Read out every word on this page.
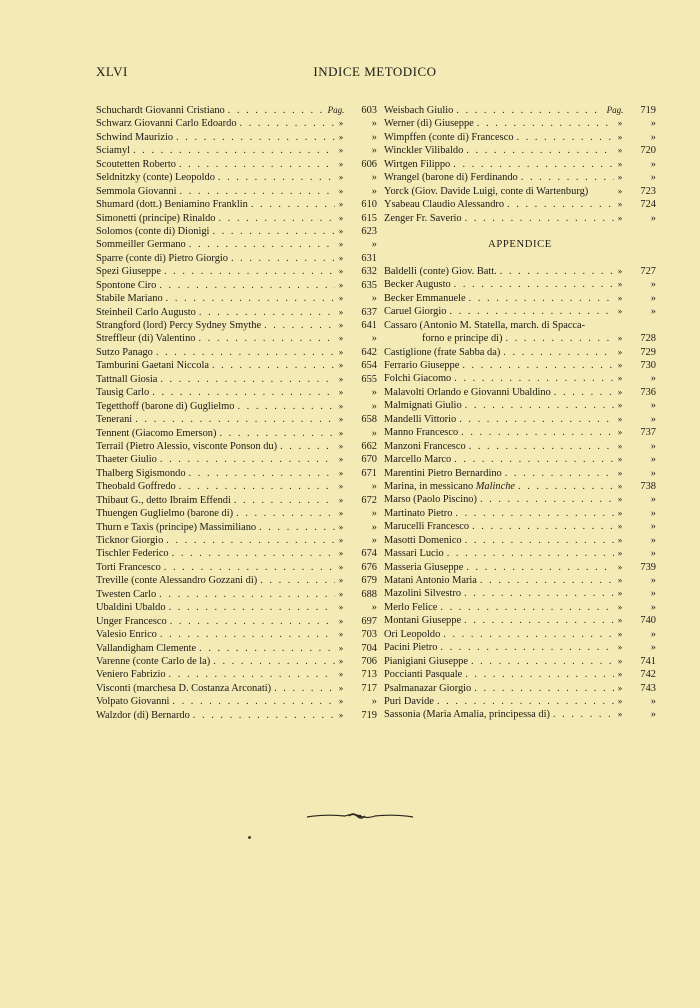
XLVI	INDICE METODICO
Schuchardt Giovanni Cristiano . . .	Pag.	603
Schwarz Giovanni Carlo Edoardo . . .	»	»
Schwind Maurizio . . .	»	»
Sciamyl . . .	»	»
Scoutetten Roberto . . .	»	606
Seldnitzky (conte) Leopoldo . . .	»	»
Semmola Giovanni . . .	»	»
Shumard (dott.) Beniamino Franklin . . .	»	610
Simonetti (principe) Rinaldo . . .	»	615
Solomos (conte di) Dionigi . . .	»	623
Sommeiller Germano . . .	»	»
Sparre (conte di) Pietro Giorgio . . .	»	631
Spezi Giuseppe . . .	»	632
Spontone Ciro . . .	»	635
Stabile Mariano . . .	»	»
Steinheil Carlo Augusto . . .	»	637
Strangford (lord) Percy Sydney Smythe . . .	»	641
Streffleur (di) Valentino . . .	»	»
Sutzo Panago . . .	»	642
Tamburini Gaetani Niccola . . .	»	654
Tattnall Giosia . . .	»	655
Tausig Carlo . . .	»	»
Tegetthoff (barone di) Guglielmo . . .	»	»
Tenerani . . .	»	658
Tennent (Giacomo Emerson) . . .	»	»
Terrail (Pietro Alessio, visconte Ponson du) . . .	»	662
Thaeter Giulio . . .	»	670
Thalberg Sigismondo . . .	»	671
Theobald Goffredo . . .	»	»
Thibaut G., detto Ibraim Effendi . . .	»	672
Thuengen Guglielmo (barone di) . . .	»	»
Thurn e Taxis (principe) Massimiliano . . .	»	»
Ticknor Giorgio . . .	»	»
Tischler Federico . . .	»	674
Torti Francesco . . .	»	676
Treville (conte Alessandro Gozzani di) . . .	»	679
Twesten Carlo . . .	»	688
Ubaldini Ubaldo . . .	»	»
Unger Francesco . . .	»	697
Valesio Enrico . . .	»	703
Vallandigham Clemente . . .	»	704
Varenne (conte Carlo de la) . . .	»	706
Veniero Fabrizio . . .	»	713
Visconti (marchesa D. Costanza Arconati) . . .	»	717
Volpato Giovanni . . .	»	»
Walzdor (di) Bernardo . . .	»	719
Weisbach Giulio . . .	Pag.	719
Werner (di) Giuseppe . . .	»	»
Wimpffen (conte di) Francesco . . .	»	»
Winckler Vilibaldo . . .	»	720
Wirtgen Filippo . . .	»	»
Wrangel (barone di) Ferdinando . . .	»	»
Yorck (Giov. Davide Luigi, conte di Wartenburg)	»	723
Ysabeau Claudio Alessandro . . .	»	724
Zenger Fr. Saverio . . .	»	»
APPENDICE
Baldelli (conte) Giov. Batt. . . .	»	727
Becker Augusto . . .	»	»
Becker Emmanuele . . .	»	»
Caruel Giorgio . . .	»	»
Cassaro (Antonio M. Statella, march. di Spacca-
forno e principe di) . . .	»	728
Castiglione (frate Sabba da) . . .	»	729
Ferrario Giuseppe . . .	»	730
Folchi Giacomo . . .	»	»
Malavolti Orlando e Giovanni Ubaldino . . .	»	736
Malmignati Giulio . . .	»	»
Mandelli Vittorio . . .	»	»
Manno Francesco . . .	»	737
Manzoni Francesco . . .	»	»
Marcello Marco . . .	»	»
Marentini Pietro Bernardino . . .	»	»
Marina, in messicano Malinche . . .	»	738
Marso (Paolo Piscino) . . .	»	»
Martinato Pietro . . .	»	»
Marucelli Francesco . . .	»	»
Masotti Domenico . . .	»	»
Massari Lucio . . .	»	»
Masseria Giuseppe . . .	»	739
Matani Antonio Maria . . .	»	»
Mazolini Silvestro . . .	»	»
Merlo Felice . . .	»	»
Montani Giuseppe . . .	»	740
Ori Leopoldo . . .	»	»
Pacini Pietro . . .	»	»
Pianigiani Giuseppe . . .	»	741
Poccianti Pasquale . . .	»	742
Psalmanazar Giorgio . . .	»	743
Puri Davide . . .	»	»
Sassonia (Maria Amalia, principessa di) . . .	»	»
